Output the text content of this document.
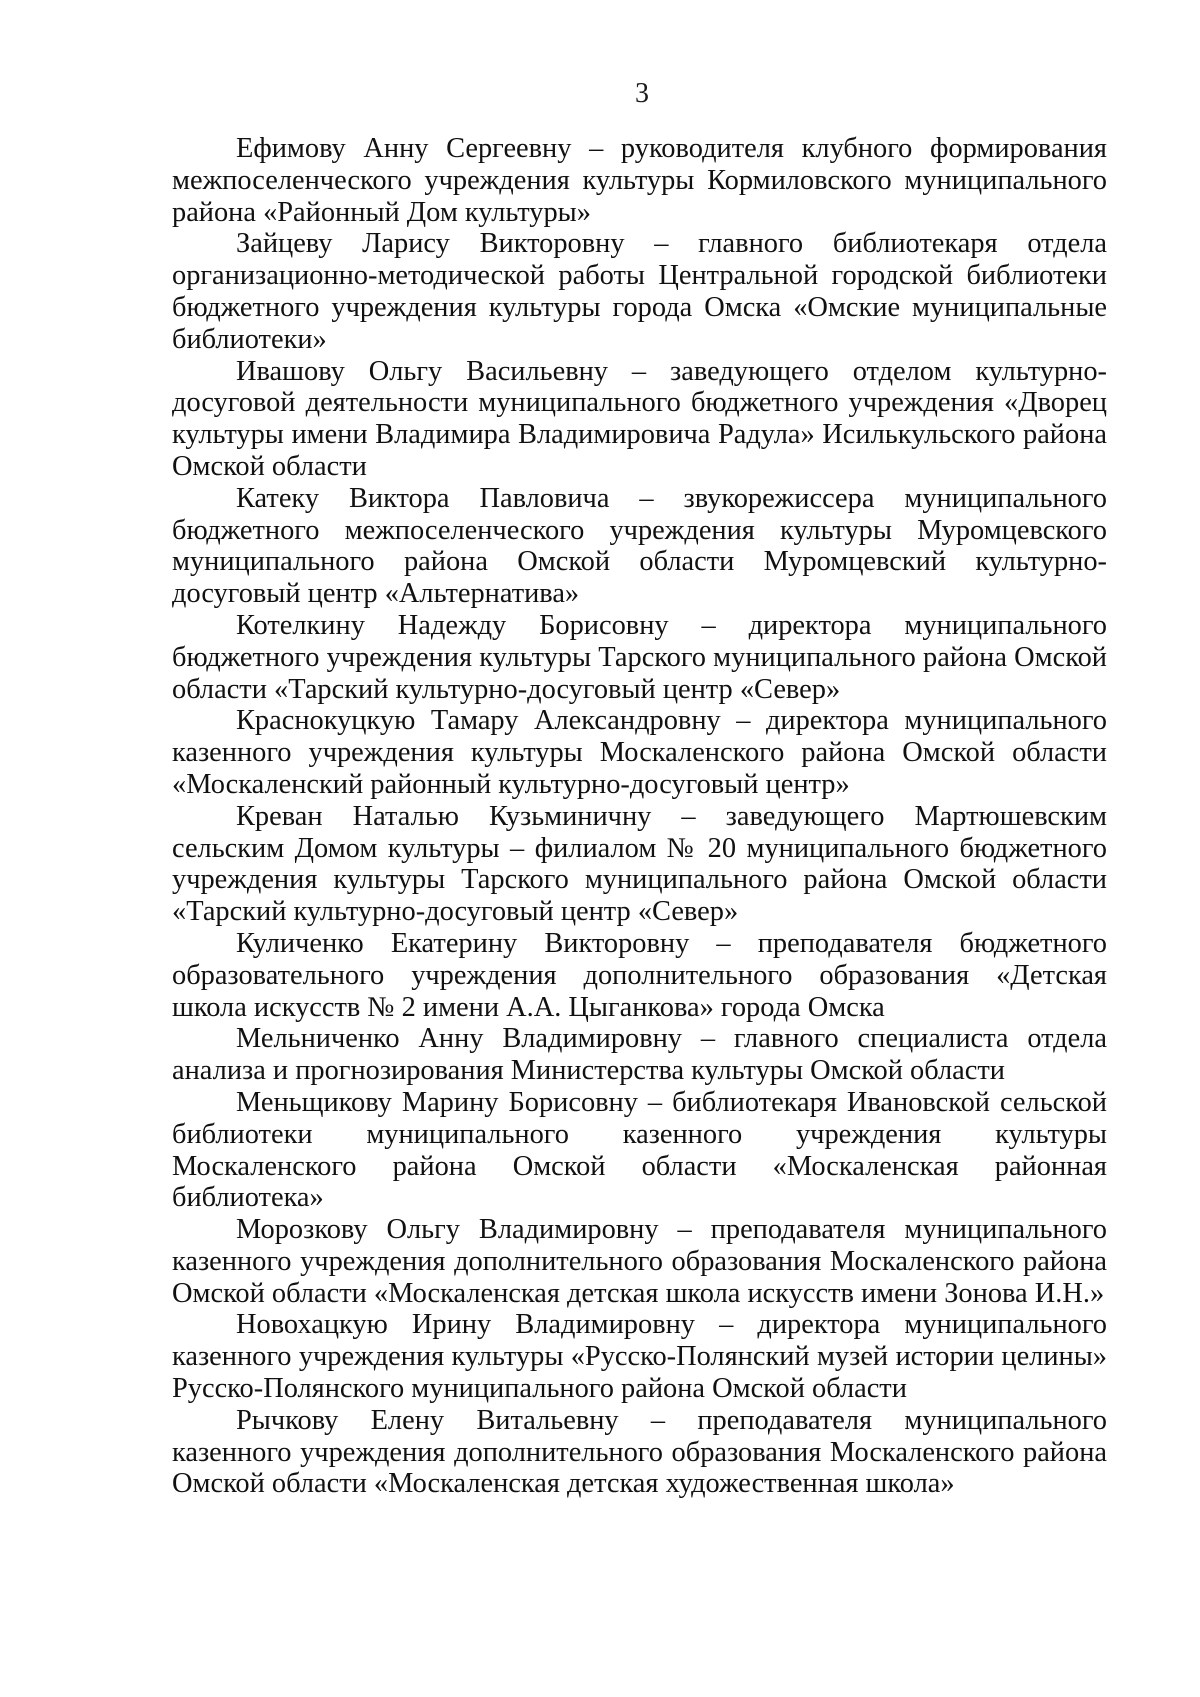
3

Ефимову Анну Сергеевну – руководителя клубного формирования межпоселенческого учреждения культуры Кормиловского муниципального района «Районный Дом культуры»

Зайцеву Ларису Викторовну – главного библиотекаря отдела организационно-методической работы Центральной городской библиотеки бюджетного учреждения культуры города Омска «Омские муниципальные библиотеки»

Ивашову Ольгу Васильевну – заведующего отделом культурно-досуговой деятельности муниципального бюджетного учреждения «Дворец культуры имени Владимира Владимировича Радула» Исилькульского района Омской области

Катеку Виктора Павловича – звукорежиссера муниципального бюджетного межпоселенческого учреждения культуры Муромцевского муниципального района Омской области Муромцевский культурно-досуговый центр «Альтернатива»

Котелкину Надежду Борисовну – директора муниципального бюджетного учреждения культуры Тарского муниципального района Омской области «Тарский культурно-досуговый центр «Север»

Краснокуцкую Тамару Александровну – директора муниципального казенного учреждения культуры Москаленского района Омской области «Москаленский районный культурно-досуговый центр»

Креван Наталью Кузьминичну – заведующего Мартюшевским сельским Домом культуры – филиалом № 20 муниципального бюджетного учреждения культуры Тарского муниципального района Омской области «Тарский культурно-досуговый центр «Север»

Куличенко Екатерину Викторовну – преподавателя бюджетного образовательного учреждения дополнительного образования «Детская школа искусств № 2 имени А.А. Цыганкова» города Омска

Мельниченко Анну Владимировну – главного специалиста отдела анализа и прогнозирования Министерства культуры Омской области

Меньщикову Марину Борисовну – библиотекаря Ивановской сельской библиотеки муниципального казенного учреждения культуры Москаленского района Омской области «Москаленская районная библиотека»

Морозкову Ольгу Владимировну – преподавателя муниципального казенного учреждения дополнительного образования Москаленского района Омской области «Москаленская детская школа искусств имени Зонова И.Н.»

Новохацкую Ирину Владимировну – директора муниципального казенного учреждения культуры «Русско-Полянский музей истории целины» Русско-Полянского муниципального района Омской области

Рычкову Елену Витальевну – преподавателя муниципального казенного учреждения дополнительного образования Москаленского района Омской области «Москаленская детская художественная школа»
